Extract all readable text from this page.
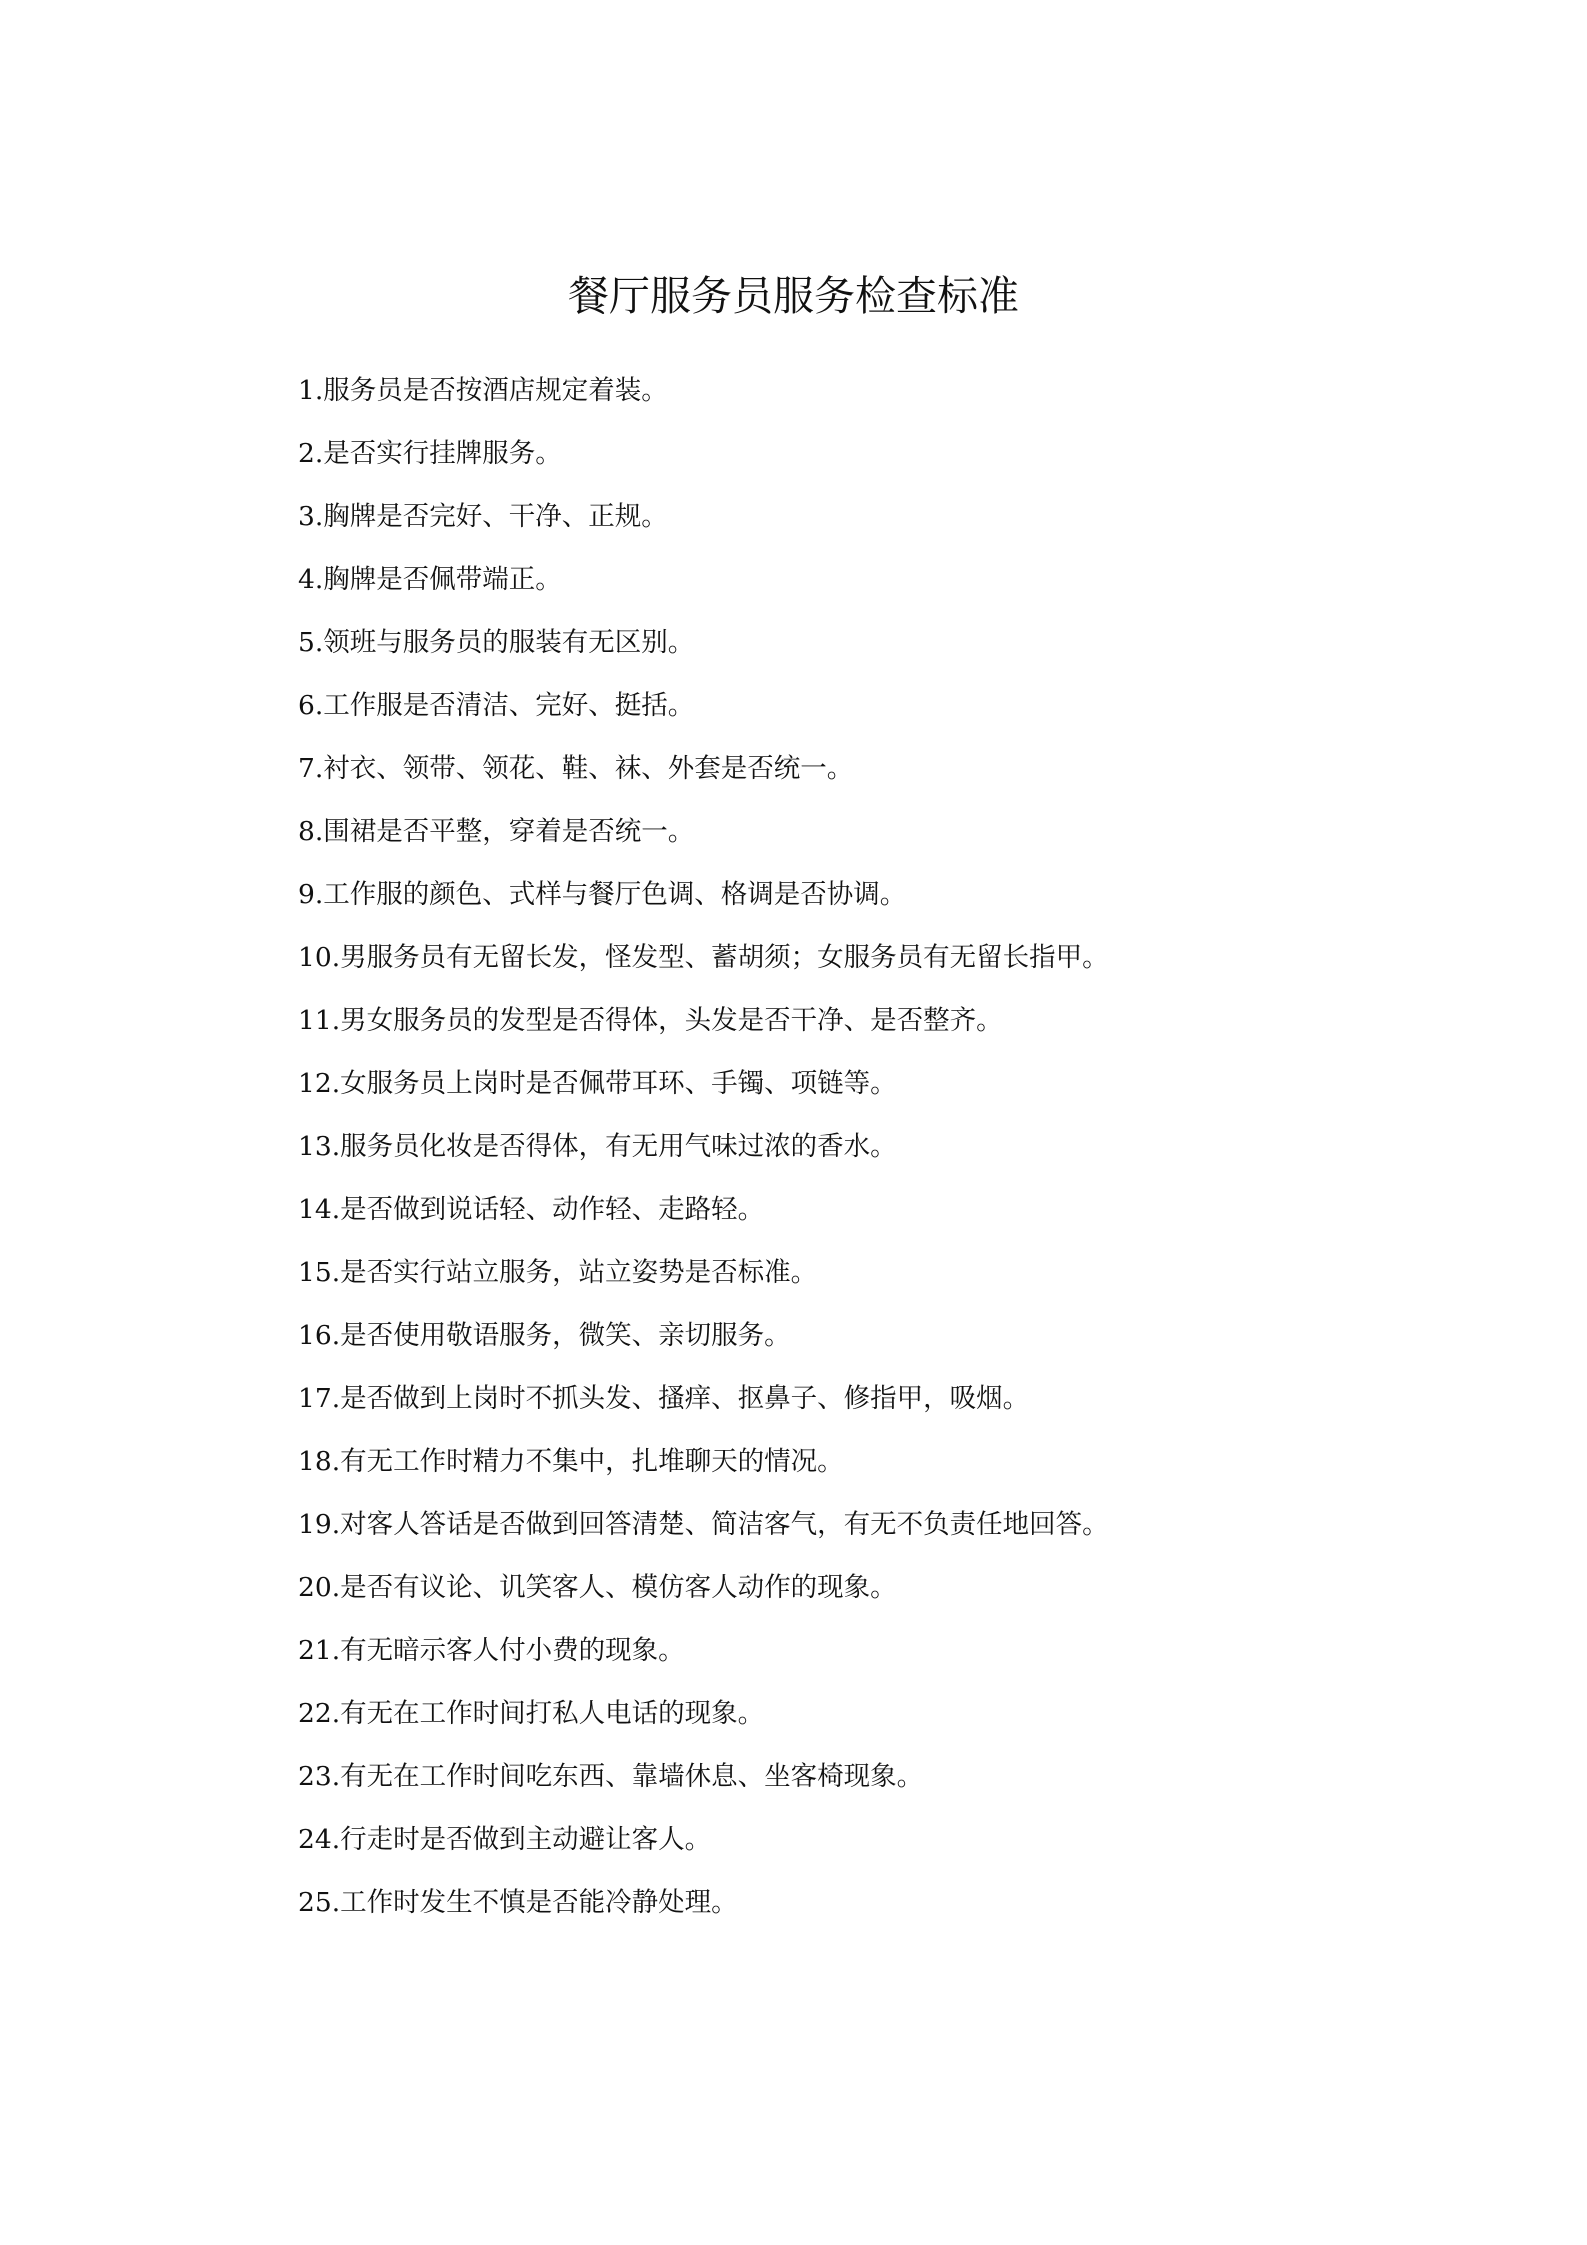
餐厅服务员服务检查标准
1.服务员是否按酒店规定着装。
2.是否实行挂牌服务。
3.胸牌是否完好、干净、正规。
4.胸牌是否佩带端正。
5.领班与服务员的服装有无区别。
6.工作服是否清洁、完好、挺括。
7.衬衣、领带、领花、鞋、袜、外套是否统一。
8.围裙是否平整，穿着是否统一。
9.工作服的颜色、式样与餐厅色调、格调是否协调。
10.男服务员有无留长发，怪发型、蓄胡须；女服务员有无留长指甲。
11.男女服务员的发型是否得体，头发是否干净、是否整齐。
12.女服务员上岗时是否佩带耳环、手镯、项链等。
13.服务员化妆是否得体，有无用气味过浓的香水。
14.是否做到说话轻、动作轻、走路轻。
15.是否实行站立服务，站立姿势是否标准。
16.是否使用敬语服务，微笑、亲切服务。
17.是否做到上岗时不抓头发、搔痒、抠鼻子、修指甲，吸烟。
18.有无工作时精力不集中，扎堆聊天的情况。
19.对客人答话是否做到回答清楚、简洁客气，有无不负责任地回答。
20.是否有议论、讥笑客人、模仿客人动作的现象。
21.有无暗示客人付小费的现象。
22.有无在工作时间打私人电话的现象。
23.有无在工作时间吃东西、靠墙休息、坐客椅现象。
24.行走时是否做到主动避让客人。
25.工作时发生不慎是否能冷静处理。
